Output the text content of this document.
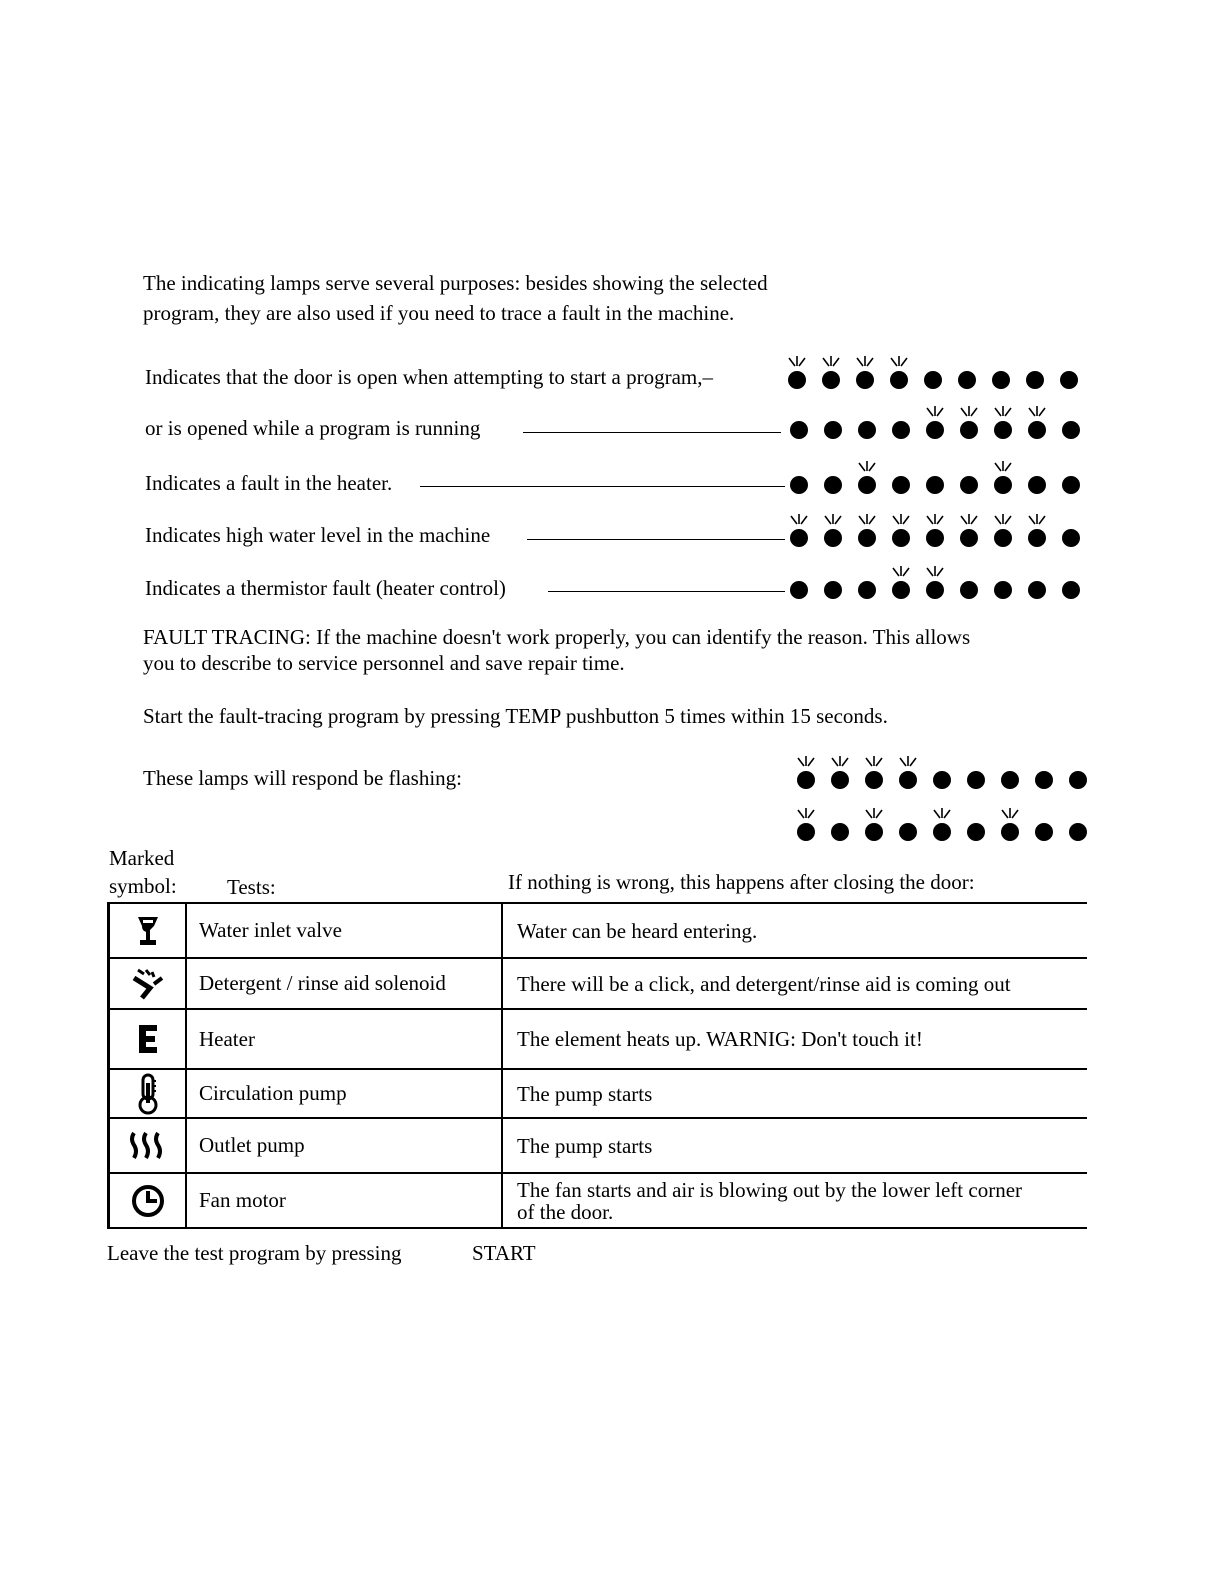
The indicating lamps serve several purposes: besides showing the selected
program, they are also used if you need to trace a fault in the machine.
Indicates that the door is open when attempting to start a program,–
or is opened while a program is running
Indicates a fault in the heater.
Indicates high water level in the machine
Indicates a thermistor fault (heater control)
FAULT TRACING: If the machine doesn't work properly, you can identify the reason. This allows
you to describe to service personnel and save repair time.
Start the fault-tracing program by pressing TEMP pushbutton 5 times within 15 seconds.
These lamps will respond be flashing:
Marked
symbol: Tests:	If nothing is wrong, this happens after closing the door:
	Water inlet valve	Water can be heard entering.

	Detergent / rinse aid solenoid	There will be a click, and detergent/rinse aid is coming out

	Heater	The element heats up. WARNIG: Don't touch it!

	Circulation pump	The pump starts

	Outlet pump	The pump starts

	Fan motor	The fan starts and air is blowing out by the lower left corner
of the door.
Leave the test program by pressing	START
